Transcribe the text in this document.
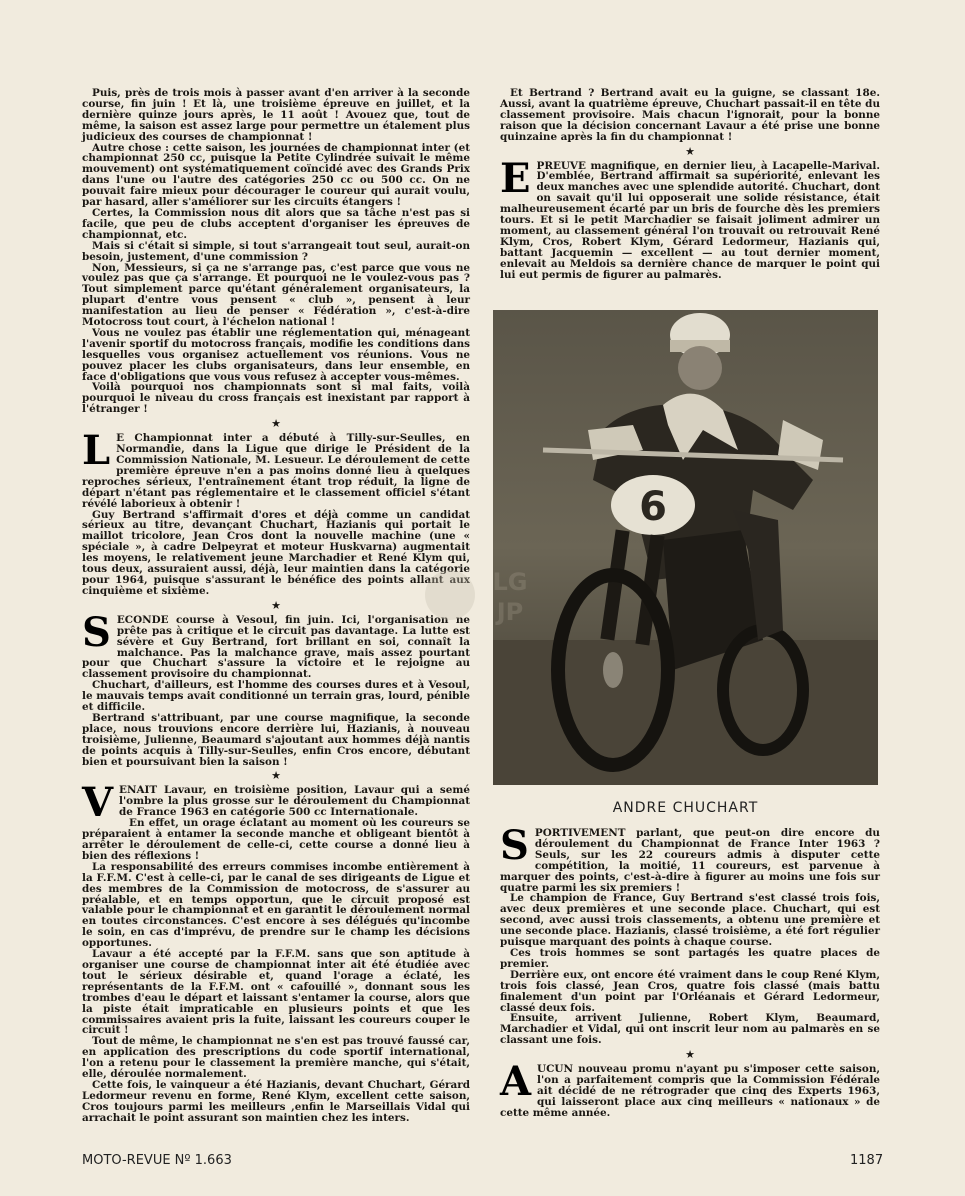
Puis, près de trois mois à passer avant d'en arriver à la seconde course, fin juin ! Et là, une troisième épreuve en juillet, et la dernière quinze jours après, le 11 août ! Avouez que, tout de même, la saison est assez large pour permettre un étalement plus judicieux des courses de championnat !

Autre chose : cette saison, les journées de championnat inter (et championnat 250 cc, puisque la Petite Cylindrée suivait le même mouvement) ont systématiquement coïncidé avec des Grands Prix dans l'une ou l'autre des catégories 250 cc ou 500 cc. On ne pouvait faire mieux pour décourager le coureur qui aurait voulu, par hasard, aller s'améliorer sur les circuits étangers !

Certes, la Commission nous dit alors que sa tâche n'est pas si facile, que peu de clubs acceptent d'organiser les épreuves de championnat, etc.

Mais si c'était si simple, si tout s'arrangeait tout seul, aurait-on besoin, justement, d'une commission ?

Non, Messieurs, si ça ne s'arrange pas, c'est parce que vous ne voulez pas que ça s'arrange. Et pourquoi ne le voulez-vous pas ? Tout simplement parce qu'étant généralement organisateurs, la plupart d'entre vous pensent « club », pensent à leur manifestation au lieu de penser « Fédération », c'est-à-dire Motocross tout court, à l'échelon national !

Vous ne voulez pas établir une réglementation qui, ménageant l'avenir sportif du motocross français, modifie les conditions dans lesquelles vous organisez actuellement vos réunions. Vous ne pouvez placer les clubs organisateurs, dans leur ensemble, en face d'obligations que vous vous refusez à accepter vous-mêmes.

Voilà pourquoi nos championnats sont si mal faits, voilà pourquoi le niveau du cross français est inexistant par rapport à l'étranger !

★
L E Championnat inter a débuté à Tilly-sur-Seulles, en Normandie, dans la Ligue que dirige le Président de la Commission Nationale, M. Lesueur. Le déroulement de cette première épreuve n'en a pas moins donné lieu à quelques reproches sérieux, l'entraînement étant trop réduit, la ligne de départ n'étant pas réglementaire et le classement officiel s'étant révélé laborieux à obtenir !

Guy Bertrand s'affirmait d'ores et déjà comme un candidat sérieux au titre, devançant Chuchart, Hazianis qui portait le maillot tricolore, Jean Cros dont la nouvelle machine (une « spéciale », à cadre Delpeyrat et moteur Huskvarna) augmentait les moyens, le relativement jeune Marchadier et René Klym qui, tous deux, assuraient aussi, déjà, leur maintien dans la catégorie pour 1964, puisque s'assurant le bénéfice des points allant aux cinquième et sixième.

★
S ECONDE course à Vesoul, fin juin. Ici, l'organisation ne prête pas à critique et le circuit pas davantage. La lutte est sévère et Guy Bertrand, fort brillant en soi, connaît la malchance. Pas la malchance grave, mais assez pourtant pour que Chuchart s'assure la victoire et le rejoigne au classement provisoire du championnat.

Chuchart, d'ailleurs, est l'homme des courses dures et à Vesoul, le mauvais temps avait conditionné un terrain gras, lourd, pénible et difficile.

Bertrand s'attribuant, par une course magnifique, la seconde place, nous trouvions encore derrière lui, Hazianis, à nouveau troisième, Julienne, Beaumard s'ajoutant aux hommes déjà nantis de points acquis à Tilly-sur-Seulles, enfin Cros encore, débutant bien et poursuivant bien la saison !

★
V ENAIT Lavaur, en troisième position, Lavaur qui a semé l'ombre la plus grosse sur le déroulement du Championnat de France 1963 en catégorie 500 cc Internationale.

En effet, un orage éclatant au moment où les coureurs se préparaient à entamer la seconde manche et obligeant bientôt à arrêter le déroulement de celle-ci, cette course a donné lieu à bien des réflexions !

La responsabilité des erreurs commises incombe entièrement à la F.F.M. C'est à celle-ci, par le canal de ses dirigeants de Ligue et des membres de la Commission de motocross, de s'assurer au préalable, et en temps opportun, que le circuit proposé est valable pour le championnat et en garantit le déroulement normal en toutes circonstances. C'est encore à ses délégués qu'incombe le soin, en cas d'imprévu, de prendre sur le champ les décisions opportunes.

Lavaur a été accepté par la F.F.M. sans que son aptitude à organiser une course de championnat inter ait été étudiée avec tout le sérieux désirable et, quand l'orage a éclaté, les représentants de la F.F.M. ont « cafouillé », donnant sous les trombes d'eau le départ et laissant s'entamer la course, alors que la piste était impraticable en plusieurs points et que les commissaires avaient pris la fuite, laissant les coureurs couper le circuit !

Tout de même, le championnat ne s'en est pas trouvé faussé car, en application des prescriptions du code sportif international, l'on a retenu pour le classement la première manche, qui s'était, elle, déroulée normalement.

Cette fois, le vainqueur a été Hazianis, devant Chuchart, Gérard Ledormeur revenu en forme, René Klym, excellent cette saison, Cros toujours parmi les meilleurs ,enfin le Marseillais Vidal qui arrachait le point assurant son maintien chez les inters.

Et Bertrand ? Bertrand avait eu la guigne, se classant 18e. Aussi, avant la quatrième épreuve, Chuchart passait-il en tête du classement provisoire. Mais chacun l'ignorait, pour la bonne raison que la décision concernant Lavaur a été prise une bonne quinzaine après la fin du championnat !

★
E PREUVE magnifique, en dernier lieu, à Lacapelle-Marival. D'emblée, Bertrand affirmait sa supériorité, enlevant les deux manches avec une splendide autorité. Chuchart, dont on savait qu'il lui opposerait une solide résistance, était malheureusement écarté par un bris de fourche dès les premiers tours. Et si le petit Marchadier se faisait joliment admirer un moment, au classement général l'on trouvait ou retrouvait René Klym, Cros, Robert Klym, Gérard Ledormeur, Hazianis qui, battant Jacquemin — excellent — au tout dernier moment, enlevait au Meldois sa dernière chance de marquer le point qui lui eut permis de figurer au palmarès.

6
ANDRE CHUCHART
S PORTIVEMENT parlant, que peut-on dire encore du déroulement du Championnat de France Inter 1963 ? Seuls, sur les 22 coureurs admis à disputer cette compétition, la moitié, 11 coureurs, est parvenue à marquer des points, c'est-à-dire à figurer au moins une fois sur quatre parmi les six premiers !

Le champion de France, Guy Bertrand s'est classé trois fois, avec deux premières et une seconde place. Chuchart, qui est second, avec aussi trois classements, a obtenu une première et une seconde place. Hazianis, classé troisième, a été fort régulier puisque marquant des points à chaque course.

Ces trois hommes se sont partagés les quatre places de premier.

Derrière eux, ont encore été vraiment dans le coup René Klym, trois fois classé, Jean Cros, quatre fois classé (mais battu finalement d'un point par l'Orléanais et Gérard Ledormeur, classé deux fois.

Ensuite, arrivent Julienne, Robert Klym, Beaumard, Marchadier et Vidal, qui ont inscrit leur nom au palmarès en se classant une fois.

★
A UCUN nouveau promu n'ayant pu s'imposer cette saison, l'on a parfaitement compris que la Commission Fédérale ait décidé de ne rétrograder que cinq des Experts 1963, qui laisseront place aux cinq meilleurs « nationaux » de cette même année.

LG
JP
MOTO-REVUE Nº 1.663	1187
